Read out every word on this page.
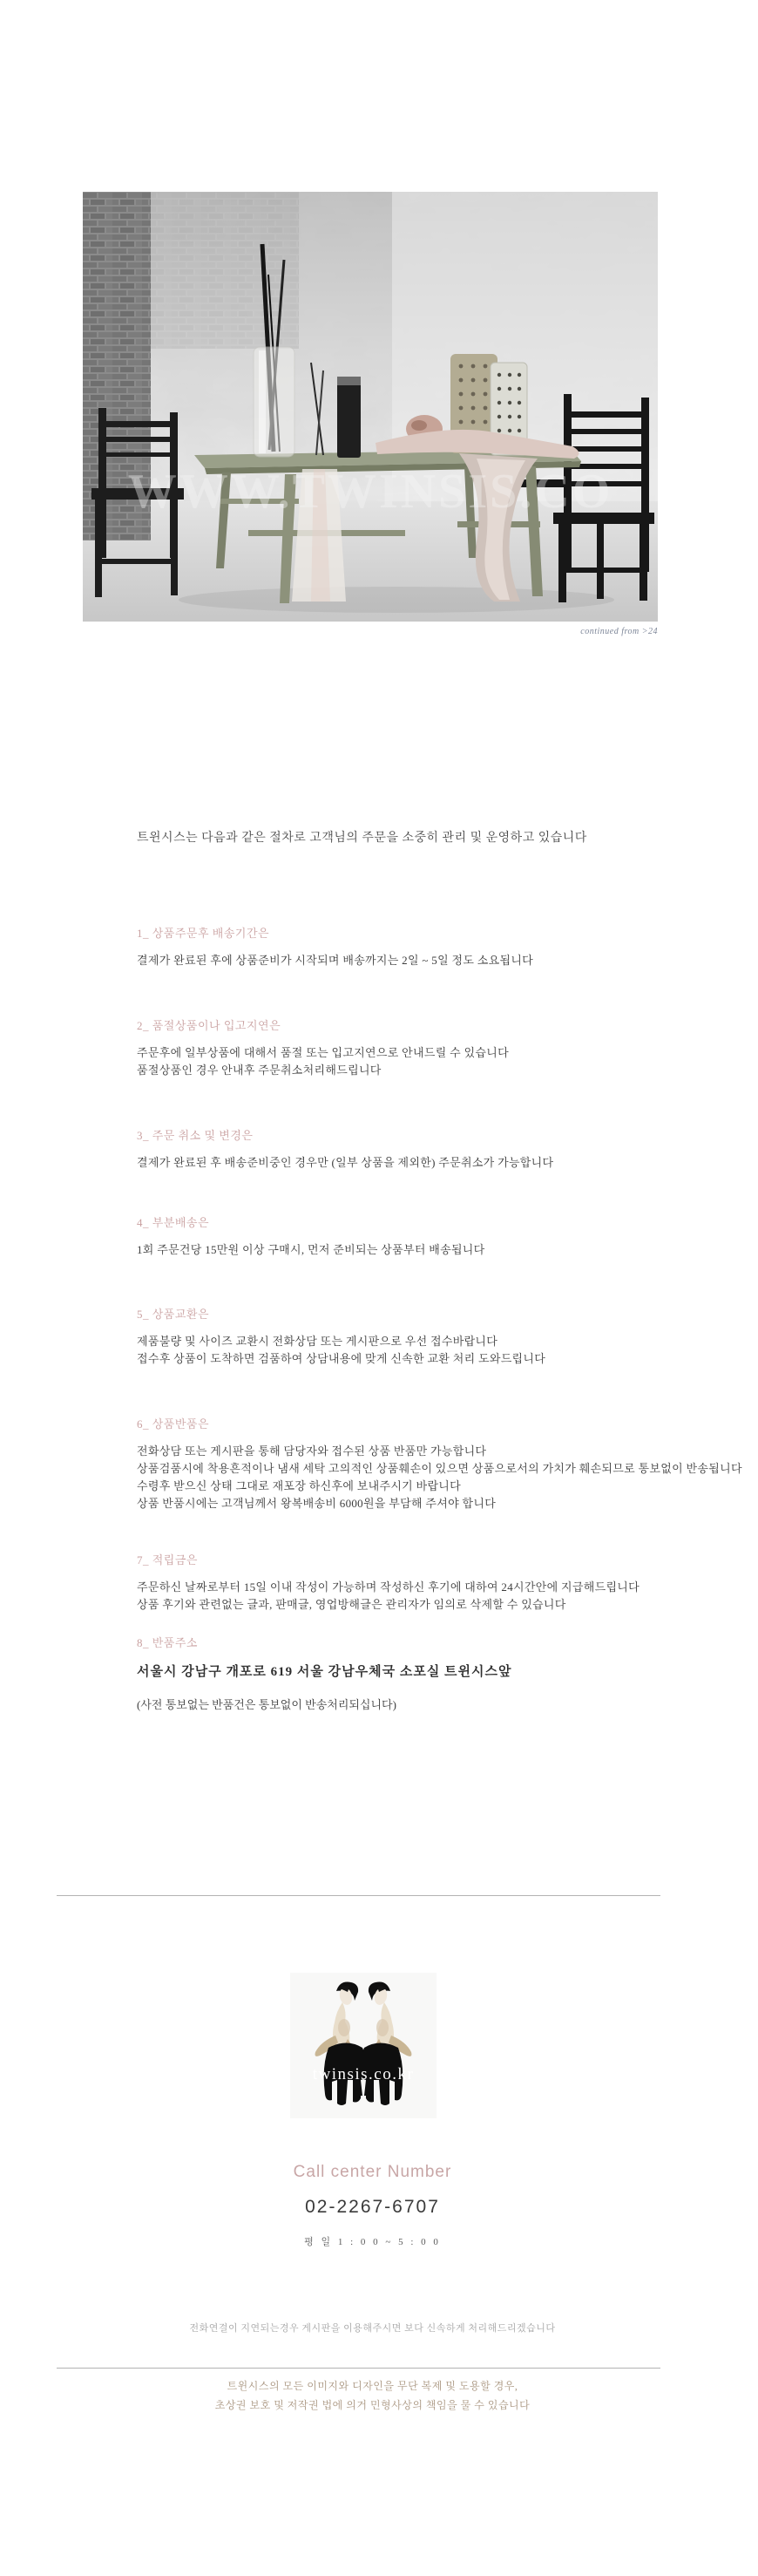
WWW.TWINSIS.CO
continued from >24
트윈시스는 다음과 같은 절차로 고객님의 주문을 소중히 관리 및 운영하고 있습니다
1_ 상품주문후 배송기간은
결제가 완료된 후에 상품준비가 시작되며 배송까지는 2일 ~ 5일 정도 소요됩니다
2_ 품절상품이나 입고지연은
주문후에 일부상품에 대해서 품절 또는 입고지연으로 안내드릴 수 있습니다
품절상품인 경우 안내후 주문취소처리해드립니다
3_ 주문 취소 및 변경은
결제가 완료된 후 배송준비중인 경우만 (일부 상품을 제외한) 주문취소가 가능합니다
4_ 부분배송은
1회 주문건당 15만원 이상 구매시, 먼저 준비되는 상품부터 배송됩니다
5_ 상품교환은
제품불량 및 사이즈 교환시 전화상담 또는 게시판으로 우선 접수바랍니다
접수후 상품이 도착하면 검품하여 상담내용에 맞게 신속한 교환 처리 도와드립니다
6_ 상품반품은
전화상담 또는 게시판을 통해 담당자와 접수된 상품 반품만 가능합니다
상품검품시에 착용흔적이나 냄새 세탁 고의적인 상품훼손이 있으면 상품으로서의 가치가 훼손되므로 통보없이 반송됩니다
수령후 받으신 상태 그대로 재포장 하신후에 보내주시기 바랍니다
상품 반품시에는 고객님께서 왕복배송비 6000원을 부담해 주셔야 합니다
7_ 적립금은
주문하신 날짜로부터 15일 이내 작성이 가능하며 작성하신 후기에 대하여 24시간안에 지급해드립니다
상품 후기와 관련없는 글과, 판매글, 영업방해글은 관리자가 임의로 삭제할 수 있습니다
8_ 반품주소
서울시 강남구 개포로 619 서울 강남우체국 소포실 트윈시스앞
(사전 통보없는 반품건은 통보없이 반송처리되십니다)
twinsis.co.kr
Call center Number
02-2267-6707
평 일 1 : 0 0 ~ 5 : 0 0
전화연결이 지연되는경우 게시판을 이용해주시면 보다 신속하게 처리해드리겠습니다
트윈시스의 모든 이미지와 디자인을 무단 복제 및 도용할 경우,
초상권 보호 및 저작권 법에 의거 민형사상의 책임을 물 수 있습니다
